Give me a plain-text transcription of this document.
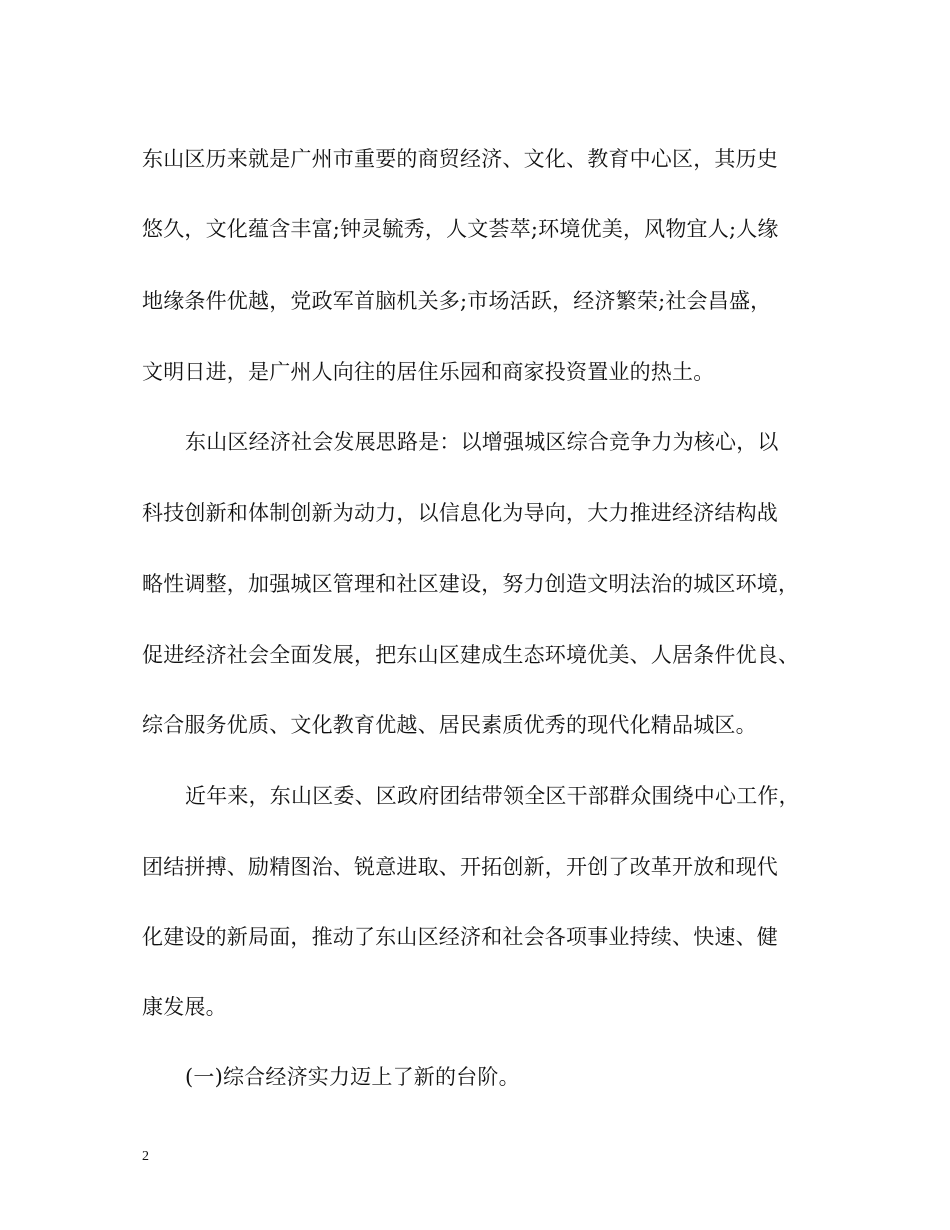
东山区历来就是广州市重要的商贸经济、文化、教育中心区，其历史
悠久，文化蕴含丰富;钟灵毓秀，人文荟萃;环境优美，风物宜人;人缘
地缘条件优越，党政军首脑机关多;市场活跃，经济繁荣;社会昌盛，
文明日进，是广州人向往的居住乐园和商家投资置业的热土。
东山区经济社会发展思路是：以增强城区综合竞争力为核心，以
科技创新和体制创新为动力，以信息化为导向，大力推进经济结构战
略性调整，加强城区管理和社区建设，努力创造文明法治的城区环境，
促进经济社会全面发展，把东山区建成生态环境优美、人居条件优良、
综合服务优质、文化教育优越、居民素质优秀的现代化精品城区。
近年来，东山区委、区政府团结带领全区干部群众围绕中心工作，
团结拼搏、励精图治、锐意进取、开拓创新，开创了改革开放和现代
化建设的新局面，推动了东山区经济和社会各项事业持续、快速、健
康发展。
(一)综合经济实力迈上了新的台阶。
2
